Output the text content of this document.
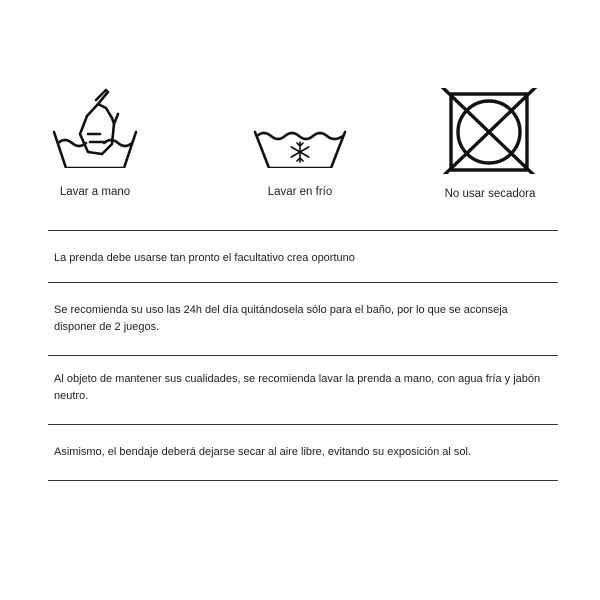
Lavar a mano	Lavar en frío	No usar secadora
La prenda debe usarse tan pronto el facultativo crea oportuno
Se recomienda su uso las 24h del día quitándosela sólo para el baño, por lo que se aconseja disponer de 2 juegos.
Al objeto de mantener sus cualidades, se recomienda lavar la prenda a mano, con agua fría y jabón neutro.
Asimismo, el bendaje deberá dejarse secar al aire libre, evitando su exposición al sol.
